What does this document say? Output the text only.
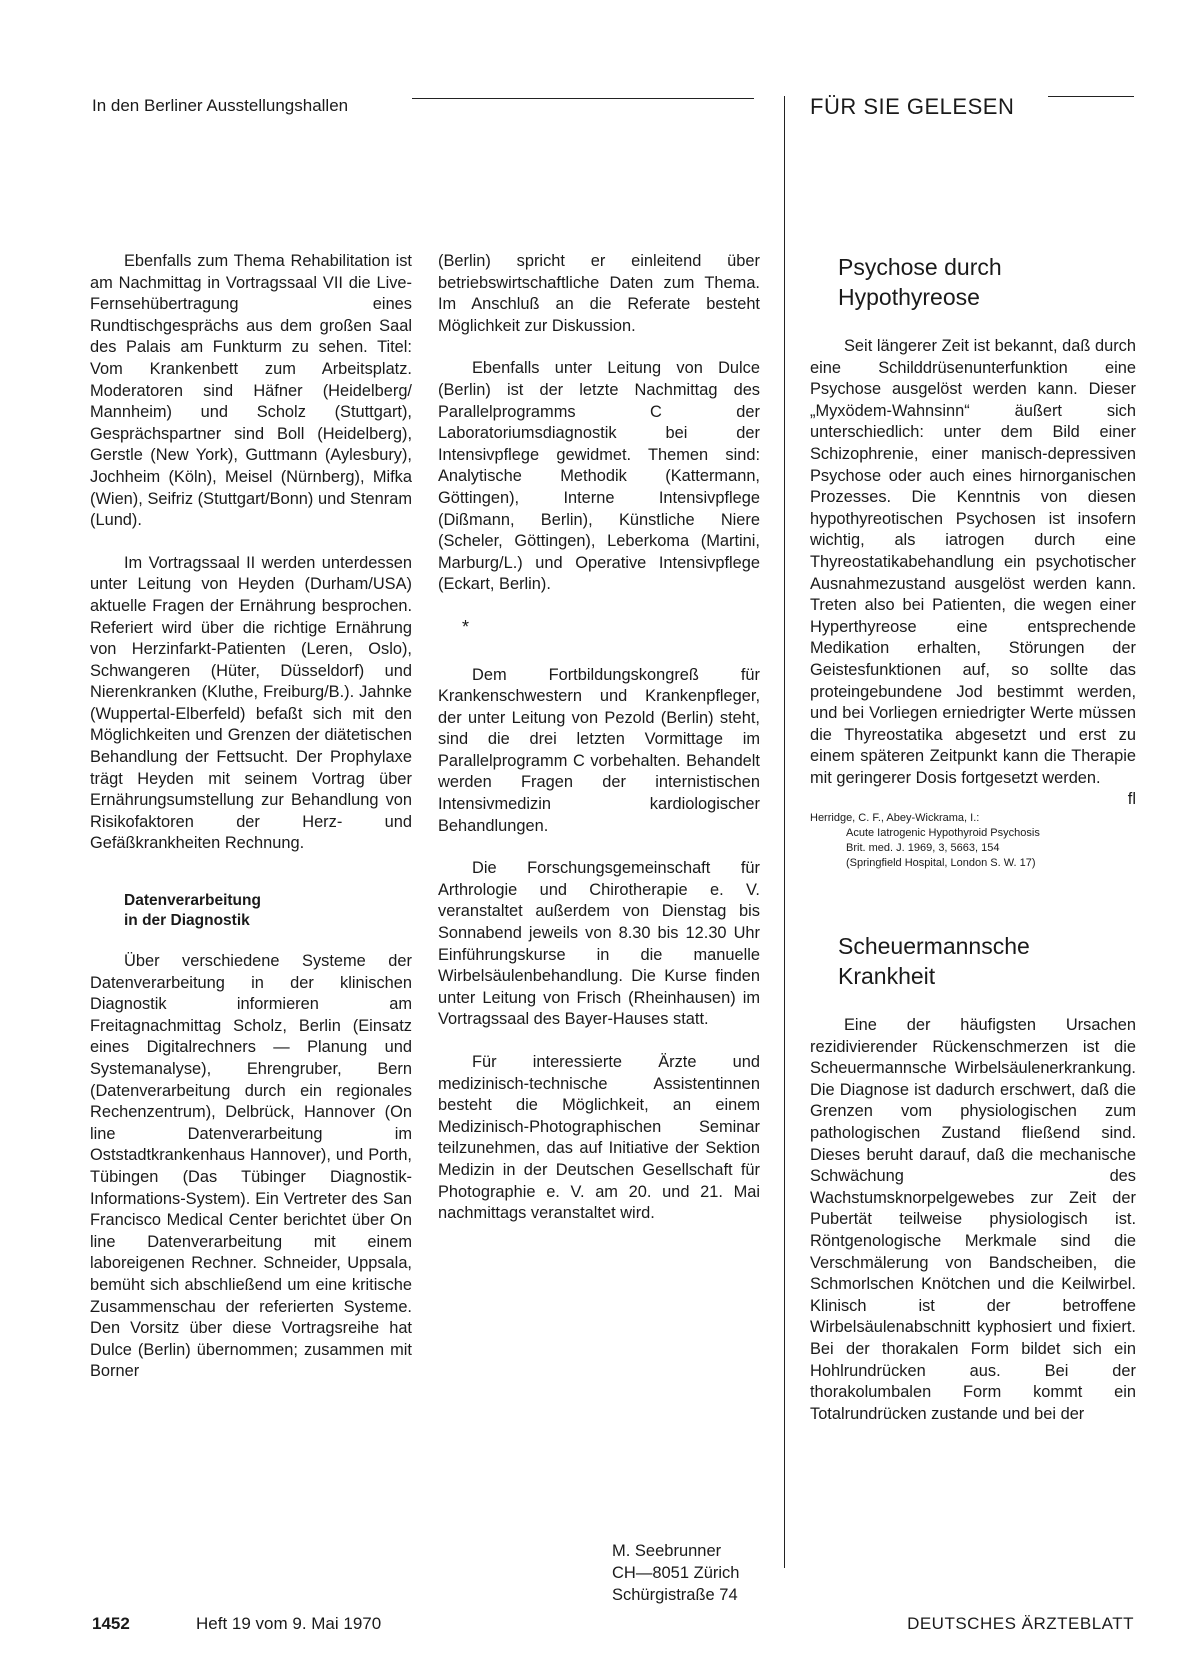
In den Berliner Ausstellungshallen	FÜR SIE GELESEN

Ebenfalls zum Thema Rehabilitation ist am Nachmittag in Vortragssaal VII die Live-Fernsehübertragung eines Rundtischgesprächs aus dem großen Saal des Palais am Funkturm zu sehen. Titel: Vom Krankenbett zum Arbeitsplatz. Moderatoren sind Häfner (Heidelberg/ Mannheim) und Scholz (Stuttgart), Gesprächspartner sind Boll (Heidelberg), Gerstle (New York), Guttmann (Aylesbury), Jochheim (Köln), Meisel (Nürnberg), Mifka (Wien), Seifriz (Stuttgart/Bonn) und Stenram (Lund).

Im Vortragssaal II werden unterdessen unter Leitung von Heyden (Durham/USA) aktuelle Fragen der Ernährung besprochen. Referiert wird über die richtige Ernährung von Herzinfarkt-Patienten (Leren, Oslo), Schwangeren (Hüter, Düsseldorf) und Nierenkranken (Kluthe, Freiburg/B.). Jahnke (Wuppertal-Elberfeld) befaßt sich mit den Möglichkeiten und Grenzen der diätetischen Behandlung der Fettsucht. Der Prophylaxe trägt Heyden mit seinem Vortrag über Ernährungsumstellung zur Behandlung von Risikofaktoren der Herz- und Gefäßkrankheiten Rechnung.

Datenverarbeitung
in der Diagnostik

Über verschiedene Systeme der Datenverarbeitung in der klinischen Diagnostik informieren am Freitagnachmittag Scholz, Berlin (Einsatz eines Digitalrechners — Planung und Systemanalyse), Ehrengruber, Bern (Datenverarbeitung durch ein regionales Rechenzentrum), Delbrück, Hannover (On line Datenverarbeitung im Oststadtkrankenhaus Hannover), und Porth, Tübingen (Das Tübinger Diagnostik-Informations-System). Ein Vertreter des San Francisco Medical Center berichtet über On line Datenverarbeitung mit einem laboreigenen Rechner. Schneider, Uppsala, bemüht sich abschließend um eine kritische Zusammenschau der referierten Systeme. Den Vorsitz über diese Vortragsreihe hat Dulce (Berlin) übernommen; zusammen mit Borner

(Berlin) spricht er einleitend über betriebswirtschaftliche Daten zum Thema. Im Anschluß an die Referate besteht Möglichkeit zur Diskussion.

Ebenfalls unter Leitung von Dulce (Berlin) ist der letzte Nachmittag des Parallelprogramms C der Laboratoriumsdiagnostik bei der Intensivpflege gewidmet. Themen sind: Analytische Methodik (Kattermann, Göttingen), Interne Intensivpflege (Dißmann, Berlin), Künstliche Niere (Scheler, Göttingen), Leberkoma (Martini, Marburg/L.) und Operative Intensivpflege (Eckart, Berlin).

*

Dem Fortbildungskongreß für Krankenschwestern und Krankenpfleger, der unter Leitung von Pezold (Berlin) steht, sind die drei letzten Vormittage im Parallelprogramm C vorbehalten. Behandelt werden Fragen der internistischen Intensivmedizin kardiologischer Behandlungen.

Die Forschungsgemeinschaft für Arthrologie und Chirotherapie e. V. veranstaltet außerdem von Dienstag bis Sonnabend jeweils von 8.30 bis 12.30 Uhr Einführungskurse in die manuelle Wirbelsäulenbehandlung. Die Kurse finden unter Leitung von Frisch (Rheinhausen) im Vortragssaal des Bayer-Hauses statt.

Für interessierte Ärzte und medizinisch-technische Assistentinnen besteht die Möglichkeit, an einem Medizinisch-Photographischen Seminar teilzunehmen, das auf Initiative der Sektion Medizin in der Deutschen Gesellschaft für Photographie e. V. am 20. und 21. Mai nachmittags veranstaltet wird.

M. Seebrunner
CH—8051 Zürich
Schürgistraße 74
Psychose durch
Hypothyreose

Seit längerer Zeit ist bekannt, daß durch eine Schilddrüsenunterfunktion eine Psychose ausgelöst werden kann. Dieser „Myxödem-Wahnsinn“ äußert sich unterschiedlich: unter dem Bild einer Schizophrenie, einer manisch-depressiven Psychose oder auch eines hirnorganischen Prozesses. Die Kenntnis von diesen hypothyreotischen Psychosen ist insofern wichtig, als iatrogen durch eine Thyreostatikabehandlung ein psychotischer Ausnahmezustand ausgelöst werden kann. Treten also bei Patienten, die wegen einer Hyperthyreose eine entsprechende Medikation erhalten, Störungen der Geistesfunktionen auf, so sollte das proteingebundene Jod bestimmt werden, und bei Vorliegen erniedrigter Werte müssen die Thyreostatika abgesetzt und erst zu einem späteren Zeitpunkt kann die Therapie mit geringerer Dosis fortgesetzt werden.
fl

Herridge, C. F., Abey-Wickrama, I.:
Acute Iatrogenic Hypothyroid Psychosis
Brit. med. J. 1969, 3, 5663, 154
(Springfield Hospital, London S. W. 17)
Scheuermannsche
Krankheit

Eine der häufigsten Ursachen rezidivierender Rückenschmerzen ist die Scheuermannsche Wirbelsäulenerkrankung. Die Diagnose ist dadurch erschwert, daß die Grenzen vom physiologischen zum pathologischen Zustand fließend sind. Dieses beruht darauf, daß die mechanische Schwächung des Wachstumsknorpelgewebes zur Zeit der Pubertät teilweise physiologisch ist. Röntgenologische Merkmale sind die Verschmälerung von Bandscheiben, die Schmorlschen Knötchen und die Keilwirbel. Klinisch ist der betroffene Wirbelsäulenabschnitt kyphosiert und fixiert. Bei der thorakalen Form bildet sich ein Hohlrundrücken aus. Bei der thorakolumbalen Form kommt ein Totalrundrücken zustande und bei der

1452	Heft 19 vom 9. Mai 1970	DEUTSCHES ÄRZTEBLATT
